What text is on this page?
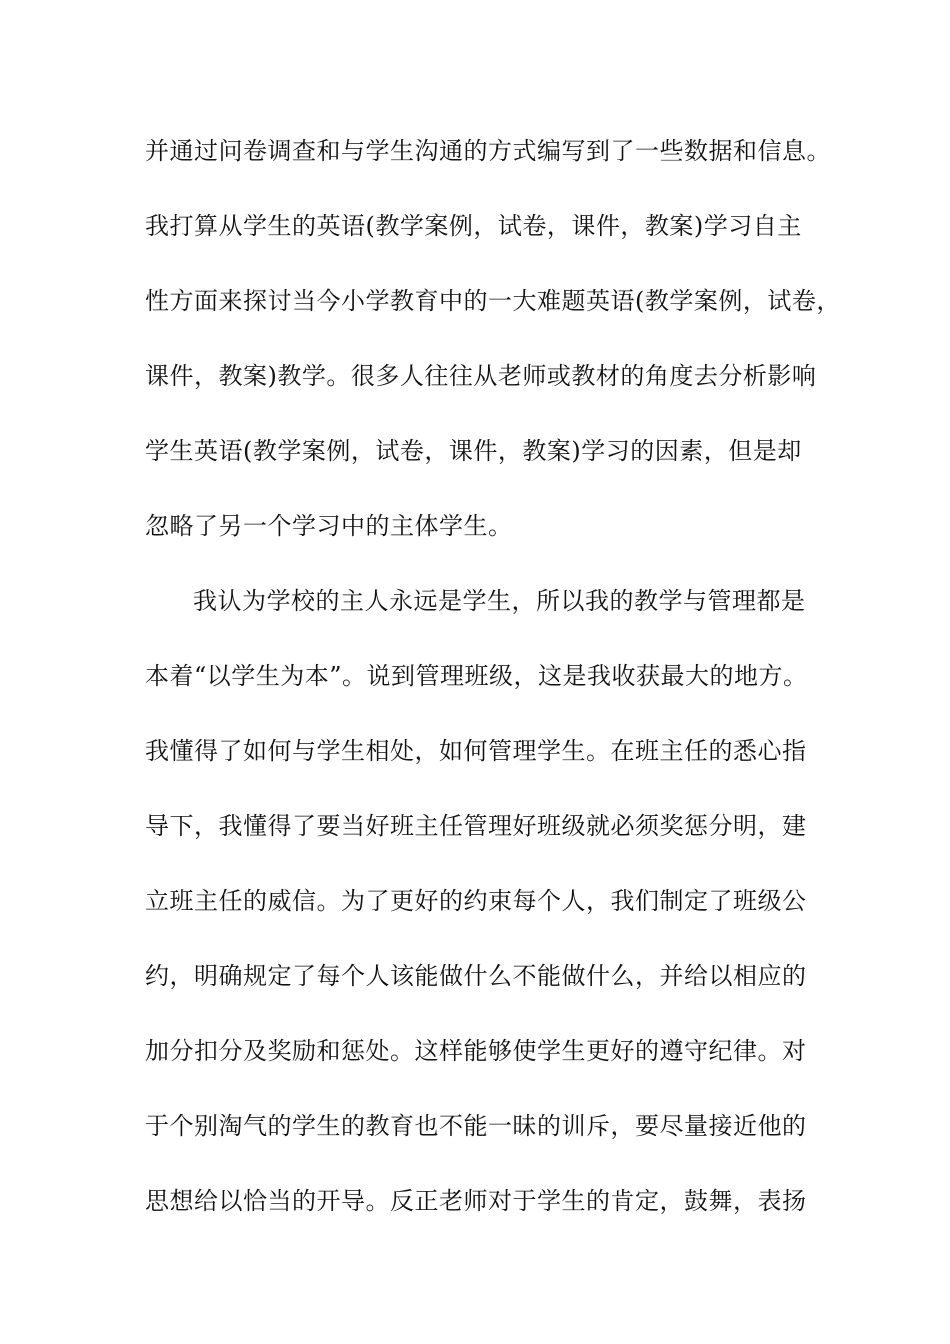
并通过问卷调查和与学生沟通的方式编写到了一些数据和信息。

我打算从学生的英语(教学案例，试卷，课件，教案)学习自主

性方面来探讨当今小学教育中的一大难题英语(教学案例，试卷，

课件，教案)教学。很多人往往从老师或教材的角度去分析影响

学生英语(教学案例，试卷，课件，教案)学习的因素，但是却

忽略了另一个学习中的主体学生。

我认为学校的主人永远是学生，所以我的教学与管理都是

本着“以学生为本”。说到管理班级，这是我收获最大的地方。

我懂得了如何与学生相处，如何管理学生。在班主任的悉心指

导下，我懂得了要当好班主任管理好班级就必须奖惩分明，建

立班主任的威信。为了更好的约束每个人，我们制定了班级公

约，明确规定了每个人该能做什么不能做什么，并给以相应的

加分扣分及奖励和惩处。这样能够使学生更好的遵守纪律。对

于个别淘气的学生的教育也不能一昧的训斥，要尽量接近他的

思想给以恰当的开导。反正老师对于学生的肯定，鼓舞，表扬
